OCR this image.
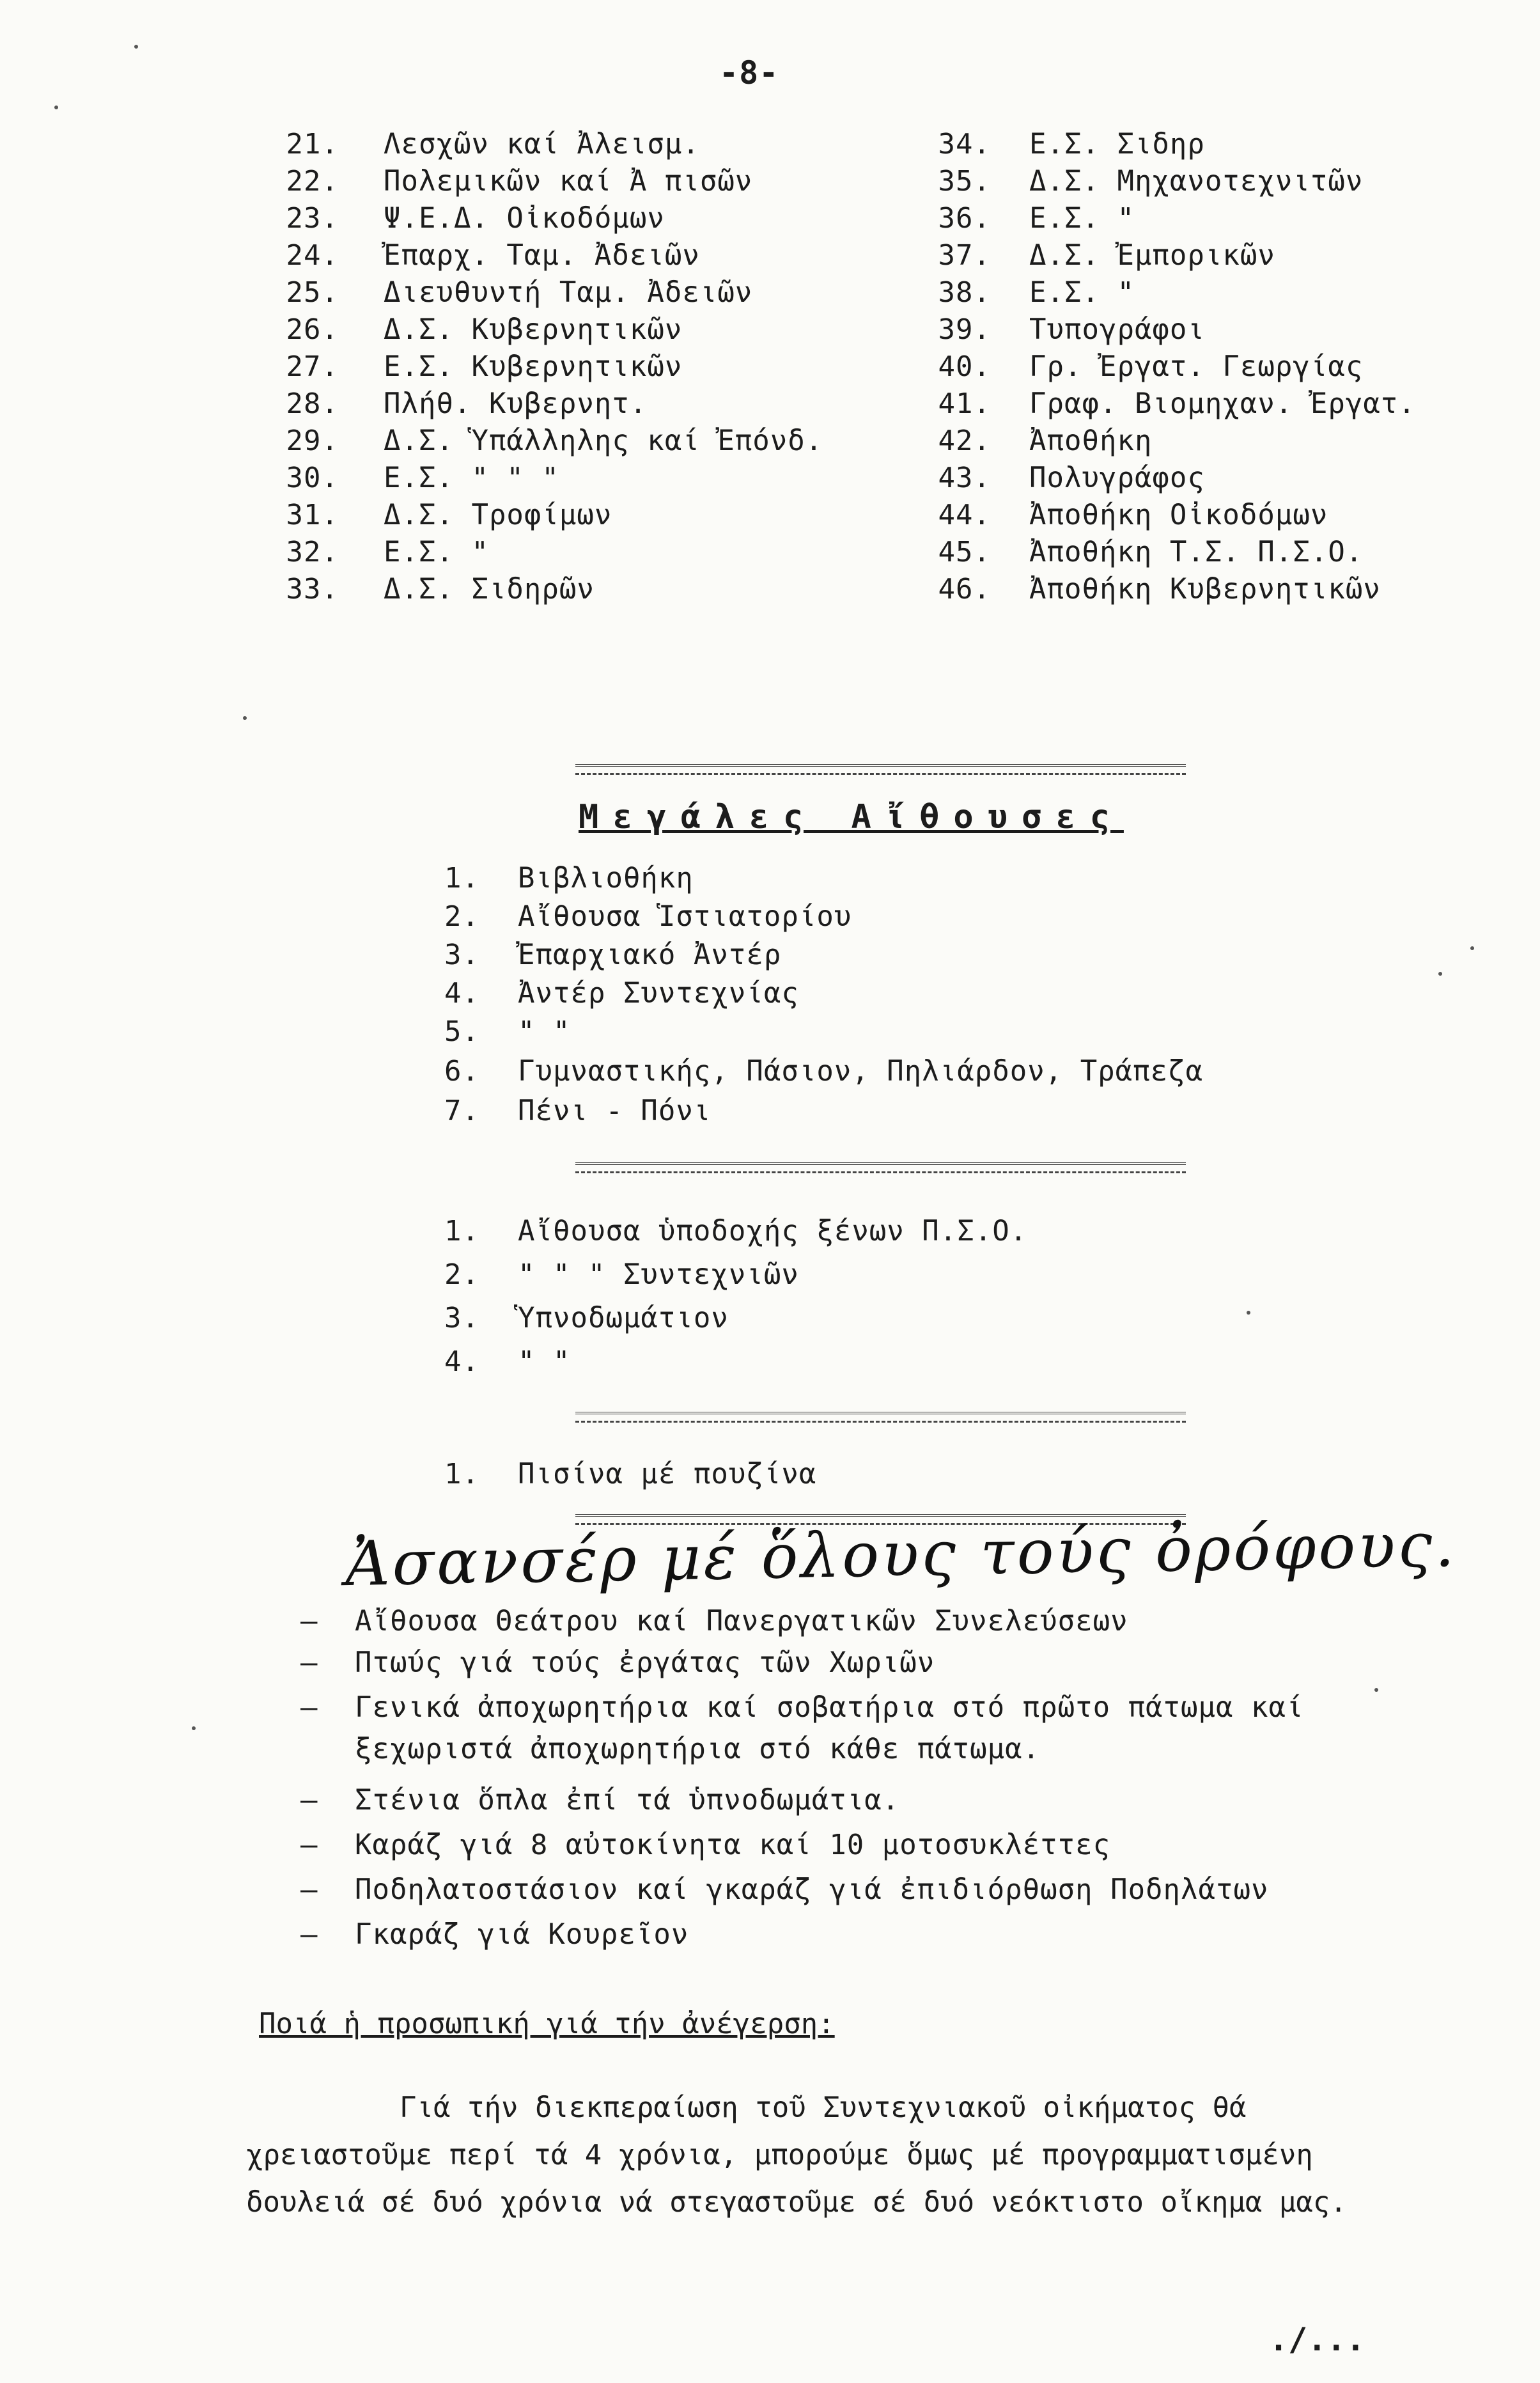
-8-
21. Λεσχῶν καί Ἀλεισμ.
22. Πολεμικῶν καί Ἀ πισῶν
23. Ψ.Ε.Δ. Οἰκοδόμων
24. Ἐπαρχ. Ταμ. Ἀδειῶν
25. Διευθυντή Ταμ. Ἀδειῶν
26. Δ.Σ. Κυβερνητικῶν
27. Ε.Σ. Κυβερνητικῶν
28. Πλήθ. Κυβερνητ.
29. Δ.Σ. Ὑπάλληλης καί Ἐπόνδ.
30. Ε.Σ. " " "
31. Δ.Σ. Τροφίμων
32. Ε.Σ. "
33. Δ.Σ. Σιδηρῶν
34. Ε.Σ. Σιδηρ
35. Δ.Σ. Μηχανοτεχνιτῶν
36. Ε.Σ. "
37. Δ.Σ. Ἐμπορικῶν
38. Ε.Σ. "
39. Τυπογράφοι
40. Γρ. Ἐργατ. Γεωργίας
41. Γραφ. Βιομηχαν. Ἐργατ.
42. Ἀποθήκη
43. Πολυγράφος
44. Ἀποθήκη Οἰκοδόμων
45. Ἀποθήκη Τ.Σ. Π.Σ.Ο.
46. Ἀποθήκη Κυβερνητικῶν
Μεγάλες Αἴθουσες
1. Βιβλιοθήκη
2. Αἴθουσα Ἱστιατορίου
3. Ἐπαρχιακό Ἀντέρ
4. Ἀντέρ Συντεχνίας
5. " "
6. Γυμναστικής, Πάσιον, Πηλιάρδον, Τράπεζα
7. Πένι - Πόνι
1. Αἴθουσα ὑποδοχής ξένων Π.Σ.Ο.
2. " " " Συντεχνιῶν
3. Ὑπνοδωμάτιον
4. " "
1. Πισίνα μέ πουζίνα
Ἀσανσέρ μέ ὅλους τούς ὀρόφους.
– Αἴθουσα Θεάτρου καί Πανεργατικῶν Συνελεύσεων
– Πτωύς γιά τούς ἐργάτας τῶν Χωριῶν
– Γενικά ἀποχωρητήρια καί σοβατήρια στό πρῶτο πάτωμα καί
ξεχωριστά ἀποχωρητήρια στό κάθε πάτωμα.
– Στένια ὅπλα ἐπί τά ὑπνοδωμάτια.
– Καράζ γιά 8 αὐτοκίνητα καί 10 μοτοσυκλέττες
– Ποδηλατοστάσιον καί γκαράζ γιά ἐπιδιόρθωση Ποδηλάτων
– Γκαράζ γιά Κουρεῖον
Ποιά ἡ προσωπική γιά τήν ἀνέγερση:
Γιά τήν διεκπεραίωση τοῦ Συντεχνιακοῦ οἰκήματος θά χρειαστοῦμε περί τά 4 χρόνια, μπορούμε ὅμως μέ προγραμματισμένη δουλειά σέ δυό χρόνια νά στεγαστοῦμε σέ δυό νεόκτιστο οἴκημα μας.
./...
